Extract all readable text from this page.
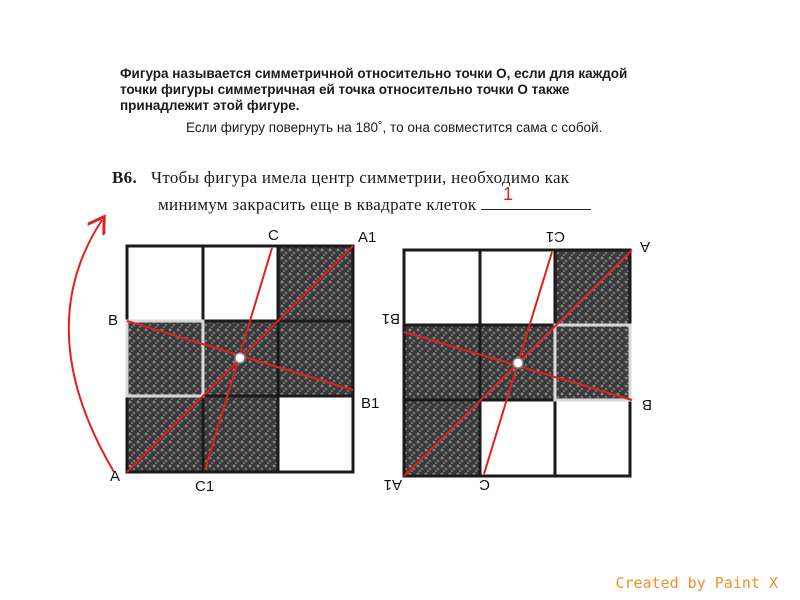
Фигура называется симметричной относительно точки О, если для каждой точки фигуры симметричная ей точка относительно точки О также принадлежит этой фигуре.
Если фигуру повернуть на 180˚, то она совместится сама с собой.
B6. Чтобы фигура имела центр симметрии, необходимо как
минимум закрасить еще в квадрате клеток
1
A
A1
B
B1
C
C1
A
A1
B
B1
C
C1
Created by Paint X
